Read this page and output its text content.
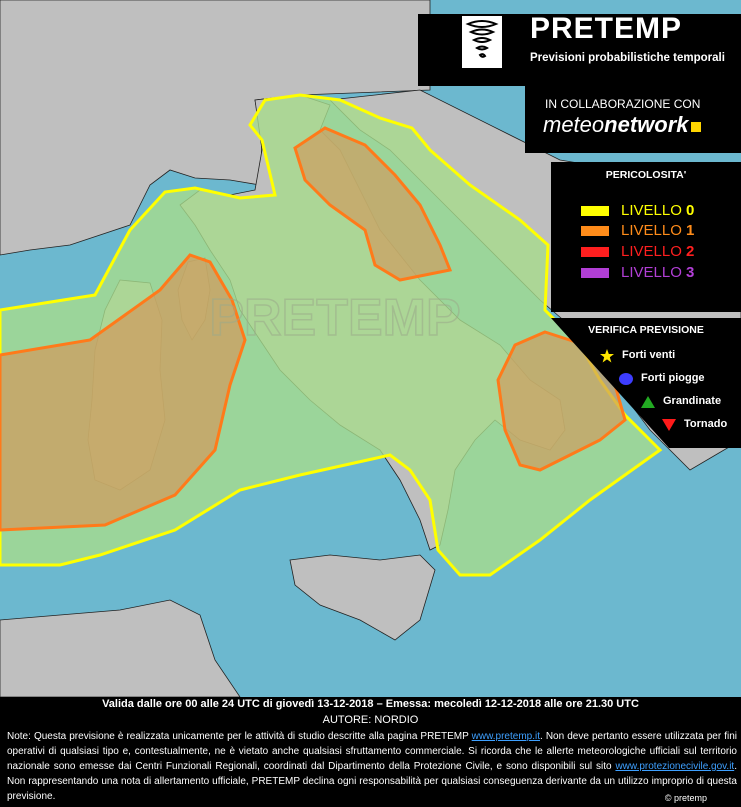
PRETEMP
PRETEMP
Previsioni probabilistiche temporali
IN COLLABORAZIONE CON
meteonetwork
PERICOLOSITA'
LIVELLO 0
LIVELLO 1
LIVELLO 2
LIVELLO 3
VERIFICA PREVISIONE
Forti venti
Forti piogge
Grandinate
Tornado
Valida dalle ore 00 alle 24 UTC di giovedì 13-12-2018 – Emessa: mecoledì 12-12-2018 alle ore 21.30 UTC
AUTORE: NORDIO
Note: Questa previsione è realizzata unicamente per le attività di studio descritte alla pagina PRETEMP www.pretemp.it. Non deve pertanto essere utilizzata per fini operativi di qualsiasi tipo e, contestualmente, ne è vietato anche qualsiasi sfruttamento commerciale. Si ricorda che le allerte meteorologiche ufficiali sul territorio nazionale sono emesse dai Centri Funzionali Regionali, coordinati dal Dipartimento della Protezione Civile, e sono disponibili sul sito www.protezionecivile.gov.it. Non rappresentando una nota di allertamento ufficiale, PRETEMP declina ogni responsabilità per qualsiasi conseguenza derivante da un utilizzo improprio di questa previsione.	© pretemp
